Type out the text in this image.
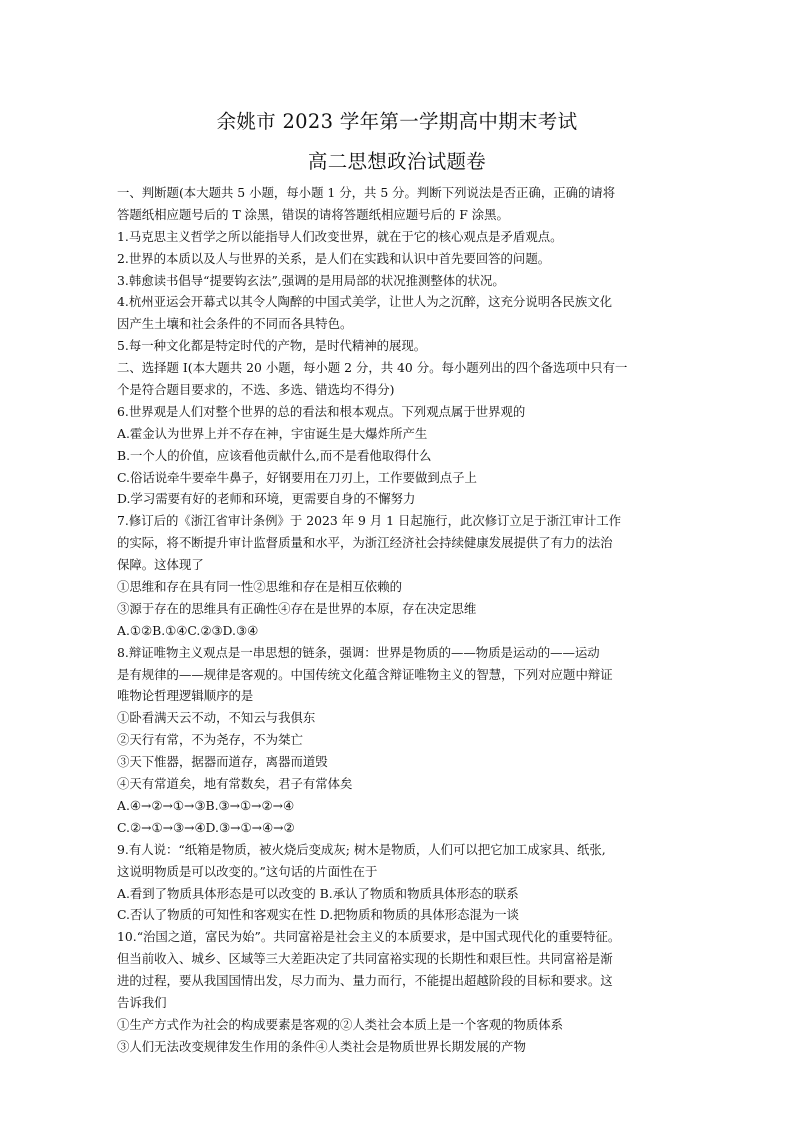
余姚市 2023 学年第一学期高中期末考试
高二思想政治试题卷
一、判断题(本大题共 5 小题，每小题 1 分，共 5 分。判断下列说法是否正确，正确的请将
答题纸相应题号后的 T 涂黑，错误的请将答题纸相应题号后的 F 涂黑。
1.马克思主义哲学之所以能指导人们改变世界，就在于它的核心观点是矛盾观点。
2.世界的本质以及人与世界的关系，是人们在实践和认识中首先要回答的问题。
3.韩愈读书倡导“提要钩玄法”,强调的是用局部的状况推测整体的状况。
4.杭州亚运会开幕式以其令人陶醉的中国式美学，让世人为之沉醉，这充分说明各民族文化
因产生土壤和社会条件的不同而各具特色。
5.每一种文化都是特定时代的产物，是时代精神的展现。
二、选择题 I(本大题共 20 小题，每小题 2 分，共 40 分。每小题列出的四个备选项中只有一
个是符合题目要求的，不选、多选、错选均不得分)
6.世界观是人们对整个世界的总的看法和根本观点。下列观点属于世界观的
A.霍金认为世界上并不存在神，宇宙诞生是大爆炸所产生
B.一个人的价值，应该看他贡献什么,而不是看他取得什么
C.俗话说牵牛要牵牛鼻子，好钢要用在刀刃上，工作要做到点子上
D.学习需要有好的老师和环境，更需要自身的不懈努力
7.修订后的《浙江省审计条例》于 2023 年 9 月 1 日起施行，此次修订立足于浙江审计工作
的实际，将不断提升审计监督质量和水平，为浙江经济社会持续健康发展提供了有力的法治
保障。这体现了
①思维和存在具有同一性②思维和存在是相互依赖的
③源于存在的思维具有正确性④存在是世界的本原，存在决定思维
A.①②B.①④C.②③D.③④
8.辩证唯物主义观点是一串思想的链条，强调：世界是物质的——物质是运动的——运动
是有规律的——规律是客观的。中国传统文化蕴含辩证唯物主义的智慧，下列对应题中辩证
唯物论哲理逻辑顺序的是
①卧看满天云不动，不知云与我俱东
②天行有常，不为尧存，不为桀亡
③天下惟器，据器而道存，离器而道毁
④天有常道矣，地有常数矣，君子有常体矣
A.④→②→①→③B.③→①→②→④
C.②→①→③→④D.③→①→④→②
9.有人说：“纸箱是物质，被火烧后变成灰; 树木是物质，人们可以把它加工成家具、纸张,
这说明物质是可以改变的。”这句话的片面性在于
A.看到了物质具体形态是可以改变的 B.承认了物质和物质具体形态的联系
C.否认了物质的可知性和客观实在性 D.把物质和物质的具体形态混为一谈
10.“治国之道，富民为始”。共同富裕是社会主义的本质要求，是中国式现代化的重要特征。
但当前收入、城乡、区域等三大差距决定了共同富裕实现的长期性和艰巨性。共同富裕是渐
进的过程，要从我国国情出发，尽力而为、量力而行，不能提出超越阶段的目标和要求。这
告诉我们
①生产方式作为社会的构成要素是客观的②人类社会本质上是一个客观的物质体系
③人们无法改变规律发生作用的条件④人类社会是物质世界长期发展的产物
